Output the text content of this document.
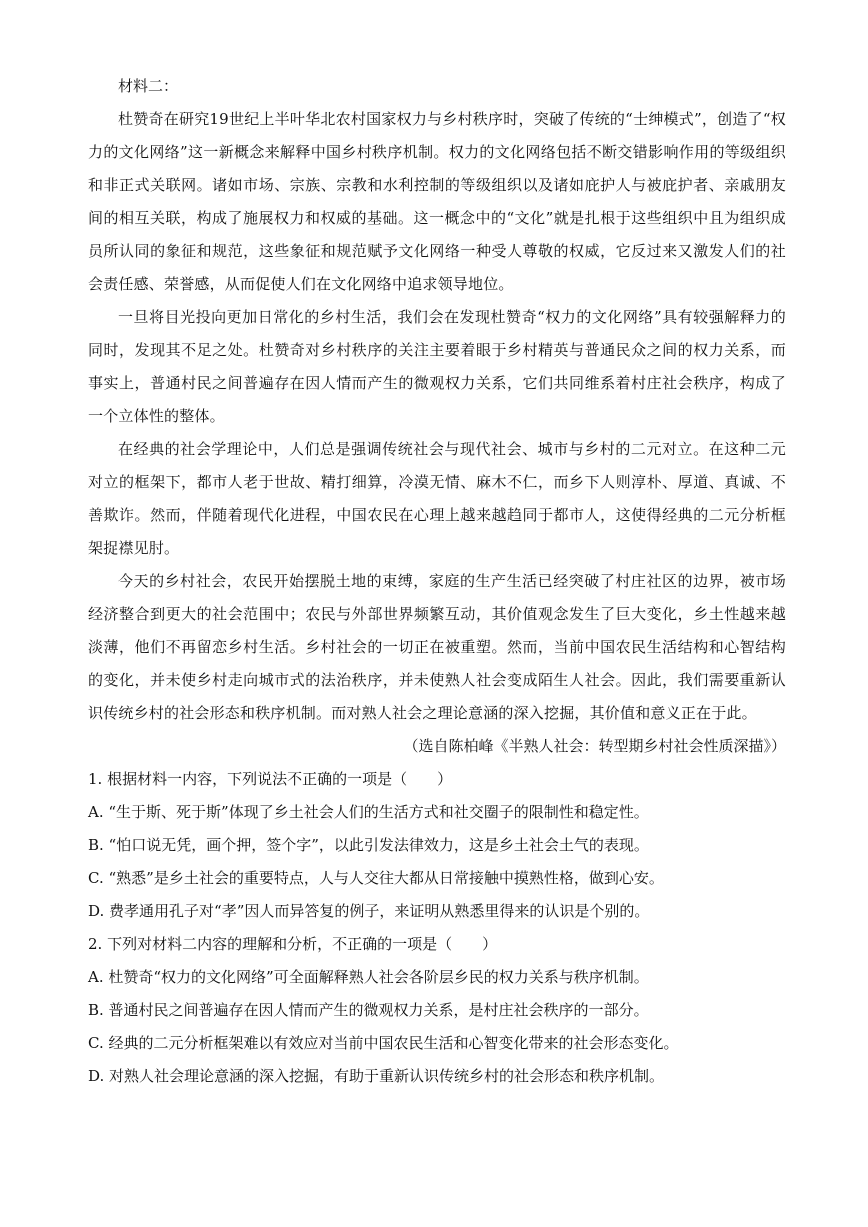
材料二：

杜赞奇在研究19世纪上半叶华北农村国家权力与乡村秩序时，突破了传统的“士绅模式”，创造了“权力的文化网络”这一新概念来解释中国乡村秩序机制。权力的文化网络包括不断交错影响作用的等级组织和非正式关联网。诸如市场、宗族、宗教和水利控制的等级组织以及诸如庇护人与被庇护者、亲戚朋友间的相互关联，构成了施展权力和权威的基础。这一概念中的“文化”就是扎根于这些组织中且为组织成员所认同的象征和规范，这些象征和规范赋予文化网络一种受人尊敬的权威，它反过来又激发人们的社会责任感、荣誉感，从而促使人们在文化网络中追求领导地位。

一旦将目光投向更加日常化的乡村生活，我们会在发现杜赞奇“权力的文化网络”具有较强解释力的同时，发现其不足之处。杜赞奇对乡村秩序的关注主要着眼于乡村精英与普通民众之间的权力关系，而事实上，普通村民之间普遍存在因人情而产生的微观权力关系，它们共同维系着村庄社会秩序，构成了一个立体性的整体。

在经典的社会学理论中，人们总是强调传统社会与现代社会、城市与乡村的二元对立。在这种二元对立的框架下，都市人老于世故、精打细算，冷漠无情、麻木不仁，而乡下人则淳朴、厚道、真诚、不善欺诈。然而，伴随着现代化进程，中国农民在心理上越来越趋同于都市人，这使得经典的二元分析框架捉襟见肘。

今天的乡村社会，农民开始摆脱土地的束缚，家庭的生产生活已经突破了村庄社区的边界，被市场经济整合到更大的社会范围中；农民与外部世界频繁互动，其价值观念发生了巨大变化，乡土性越来越淡薄，他们不再留恋乡村生活。乡村社会的一切正在被重塑。然而，当前中国农民生活结构和心智结构的变化，并未使乡村走向城市式的法治秩序，并未使熟人社会变成陌生人社会。因此，我们需要重新认识传统乡村的社会形态和秩序机制。而对熟人社会之理论意涵的深入挖掘，其价值和意义正在于此。

（选自陈柏峰《半熟人社会：转型期乡村社会性质深描》）

1. 根据材料一内容，下列说法不正确的一项是（　　）

A. “生于斯、死于斯”体现了乡土社会人们的生活方式和社交圈子的限制性和稳定性。

B. “怕口说无凭，画个押，签个字”，以此引发法律效力，这是乡土社会土气的表现。

C. “熟悉”是乡土社会的重要特点，人与人交往大都从日常接触中摸熟性格，做到心安。

D. 费孝通用孔子对“孝”因人而异答复的例子，来证明从熟悉里得来的认识是个别的。

2. 下列对材料二内容的理解和分析，不正确的一项是（　　）

A. 杜赞奇“权力的文化网络”可全面解释熟人社会各阶层乡民的权力关系与秩序机制。

B. 普通村民之间普遍存在因人情而产生的微观权力关系，是村庄社会秩序的一部分。

C. 经典的二元分析框架难以有效应对当前中国农民生活和心智变化带来的社会形态变化。

D. 对熟人社会理论意涵的深入挖掘，有助于重新认识传统乡村的社会形态和秩序机制。
